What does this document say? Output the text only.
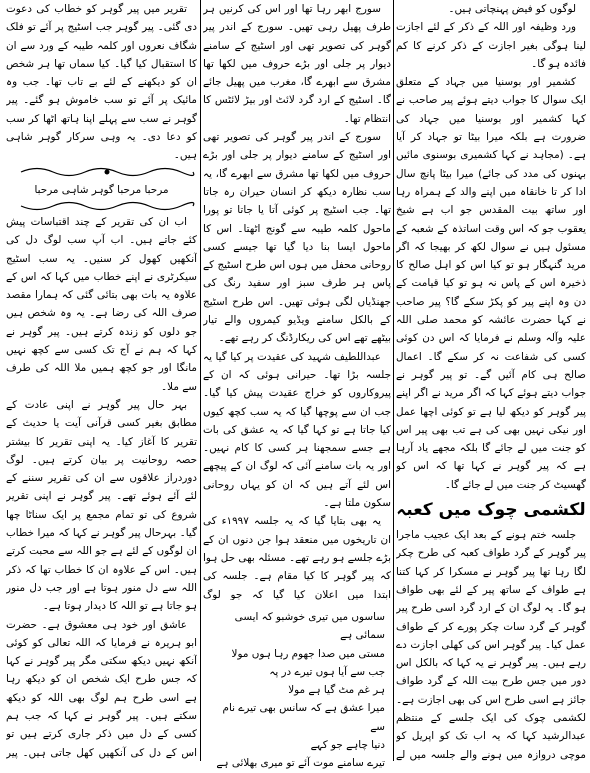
لوگوں کو فیض پہنچاتی ہیں۔

ورد وظیفہ اور اللہ کے ذکر کے لئے اجازت لینا ہوگی بغیر اجازت کے ذکر کرنے کا کم فائدہ ہو گا۔

کشمیر اور بوسنیا میں جہاد کے متعلق ایک سوال کا جواب دیتے ہوئے پیر صاحب نے کہا کشمیر اور بوسنیا میں جہاد کی ضرورت ہے بلکہ میرا بیٹا تو جہاد کر آیا ہے۔ (مجاہد نے کہا کشمیری بوسنوی مائیں بہنوں کی مدد کی جائے) میرا بیٹا پانچ سال ادا کر تا خانقاہ میں اپنے والد کے ہمراہ رہا اور ساتھ بیت المقدس جو اب ہے شیخ یعقوب جو کہ اس وقت اساتذہ کے شعبہ کے مسئول ہیں نے سوال لکھ کر بھیجا کہ اگر مرید گنہگار ہو تو کیا اس کو اہل صالح کا ذخیرہ اس کے پاس نہ ہو تو کیا قیامت کے دن وہ اپنے پیر کو پکڑ سکے گا؟ پیر صاحب نے کہا حضرت عائشہ کو محمد صلی اللہ علیہ وآلہ وسلم نے فرمایا کہ اس دن کوئی کسی کی شفاعت نہ کر سکے گا۔ اعمال صالح ہی کام آئیں گے۔ تو پیر گوہر نے جواب دیتے ہوئے کہا کہ اگر مرید نے اگر اپنے پیر گوہر کو دیکھ لیا ہے تو کوئی اچھا عمل اور نیکی نہیں بھی کی ہے تب بھی پیر اس کو جنت میں لے جائے گا بلکہ مجھے یاد آرہا ہے کہ پیر گوہر نے کہا تھا کہ اس کو گھسیٹ کر جنت میں لے جائے گا۔

لکشمی چوک میں کعبہ

جلسہ ختم ہونے کے بعد ایک عجیب ماجرا پیر گوہر کے گرد طواف کعبہ کی طرح چکر لگا رہا تھا پیر گوہر نے مسکرا کر کہا کتنا ہے طواف کے ساتھ پیر کے لئے بھی طواف ہو گا۔ یہ لوگ ان کے ارد گرد اسی طرح پیر گوہر کے گرد سات چکر پورے کر کے طواف عمل کیا۔ پیر گوہر اس کی کھلی اجازت دے رہے ہیں۔ پیر گوہر نے یہ کہا کہ بالکل اس دور میں جس طرح بیت اللہ کے گرد طواف جائز ہے اسی طرح اس کی بھی اجازت ہے۔ لکشمی چوک کی ایک جلسے کے منتظم عبدالرشید کہا کہ یہ اب تک کو اپریل کو موچی دروازہ میں ہونے والے جلسہ میں لے

سورج ابھر رہا تھا اور اس کی کرنیں ہر طرف پھیل رہی تھیں۔ سورج کے اندر پیر گوہر کی تصویر تھی اور اسٹیج کے سامنے دیوار پر جلی اور بڑے حروف میں لکھا تھا مشرق سے ابھرے گا، مغرب میں پھیل جائے گا۔ اسٹیج کے ارد گرد لائٹ اور بیڑ لائٹس کا انتظام تھا۔

سورج کے اندر پیر گوہر کی تصویر تھی اور اسٹیج کے سامنے دیوار پر جلی اور بڑے حروف میں لکھا تھا مشرق سے ابھرے گا، یہ سب نظارہ دیکھ کر انسان حیران رہ جاتا تھا۔ جب اسٹیج پر کوئی آتا یا جاتا تو پورا ماحول کلمہ طیبہ سے گونج اٹھتا۔ اس کا ماحول ایسا بنا دیا گیا تھا جیسے کسی روحانی محفل میں ہوں اس طرح اسٹیج کے پاس ہر طرف سبز اور سفید رنگ کی جھنڈیاں لگی ہوئی تھیں۔ اس طرح اسٹیج کے بالکل سامنے ویڈیو کیمروں والے تیار بیٹھے تھے اس کی ریکارڈنگ کر رہے تھے۔

عبداللطیف شہید کی عقیدت پر کیا گیا یہ جلسہ بڑا تھا۔ حیرانی ہوئی کہ ان کے پیروکاروں کو خراج عقیدت پیش کیا گیا۔ جب ان سے پوچھا گیا کہ یہ سب کچھ کیوں کیا جاتا ہے تو کہا گیا کہ یہ عشق کی بات ہے جسے سمجھنا ہر کسی کا کام نہیں۔ اور یہ بات سامنے آئی کہ لوگ ان کے پیچھے اس لئے آتے ہیں کہ ان کو یہاں روحانی سکون ملتا ہے۔

یہ بھی بتایا گیا کہ یہ جلسہ ۱۹۹۷ء کی ان تاریخوں میں منعقد ہوا جن دنوں ان کے بڑے جلسے ہو رہے تھے۔ مسئلہ بھی حل ہوا کہ پیر گوہر کا کیا مقام ہے۔ جلسہ کی ابتدا میں اعلان کیا گیا کہ جو لوگ

ساسوں میں تیری خوشبو کہ ایسی سمائی ہے
مستی میں صدا جھوم رہا ہوں مولا
جب سے آیا ہوں تیرے در پہ
ہر غم مٹ گیا ہے مولا
میرا عشق ہے کہ سانس بھی تیرے نام سے
دنیا چاہے جو کہے
تیرے سامنے موت آئے تو میری بھلائی ہے

تقریر میں پیر گوہر کو خطاب کی دعوت دی گئی۔ پیر گوہر جب اسٹیج پر آئے تو فلک شگاف نعروں اور کلمہ طیبہ کے ورد سے ان کا استقبال کیا گیا۔ کیا سماں تھا ہر شخص ان کو دیکھنے کے لئے بے تاب تھا۔ جب وہ مائیک پر آئے تو سب خاموش ہو گئے۔ پیر گوہر نے سب سے پہلے اپنا ہاتھ اٹھا کر سب کو دعا دی۔ یہ وہی سرکار گوہر شاہی ہیں۔

مرحبا مرحبا گوہر شاہی مرحبا

اب ان کی تقریر کے چند اقتباسات پیش کئے جاتے ہیں۔ اب آپ سب لوگ دل کی آنکھیں کھول کر سنیں۔ یہ سب اسٹیج سیکرٹری نے اپنے خطاب میں کہا کہ اس کے علاوہ یہ بات بھی بتائی گئی کہ ہمارا مقصد صرف اللہ کی رضا ہے۔ یہ وہ شخص ہیں جو دلوں کو زندہ کرتے ہیں۔ پیر گوہر نے کہا کہ ہم نے آج تک کسی سے کچھ نہیں مانگا اور جو کچھ ہمیں ملا اللہ کی طرف سے ملا۔

بہر حال پیر گوہر نے اپنی عادت کے مطابق بغیر کسی قرآنی آیت یا حدیث کے تقریر کا آغاز کیا۔ یہ اپنی تقریر کا بیشتر حصہ روحانیت پر بیان کرتے ہیں۔ لوگ دوردراز علاقوں سے ان کی تقریر سننے کے لئے آئے ہوئے تھے۔ پیر گوہر نے اپنی تقریر شروع کی تو تمام مجمع پر ایک سناٹا چھا گیا۔ بہرحال پیر گوہر نے کہا کہ میرا خطاب ان لوگوں کے لئے ہے جو اللہ سے محبت کرتے ہیں۔ اس کے علاوہ ان کا خطاب تھا کہ ذکر اللہ سے دل منور ہوتا ہے اور جب دل منور ہو جاتا ہے تو اللہ کا دیدار ہوتا ہے۔

عاشق اور خود ہی معشوق ہے۔ حضرت ابو ہریرہ نے فرمایا کہ اللہ تعالی کو کوئی آنکھ نہیں دیکھ سکتی مگر پیر گوہر نے کہا کہ جس طرح ایک شخص ان کو دیکھ رہا ہے اسی طرح ہم لوگ بھی اللہ کو دیکھ سکتے ہیں۔ پیر گوہر نے کہا کہ جب ہم کسی کے دل میں ذکر جاری کرتے ہیں تو اس کے دل کی آنکھیں کھل جاتی ہیں۔ پیر
